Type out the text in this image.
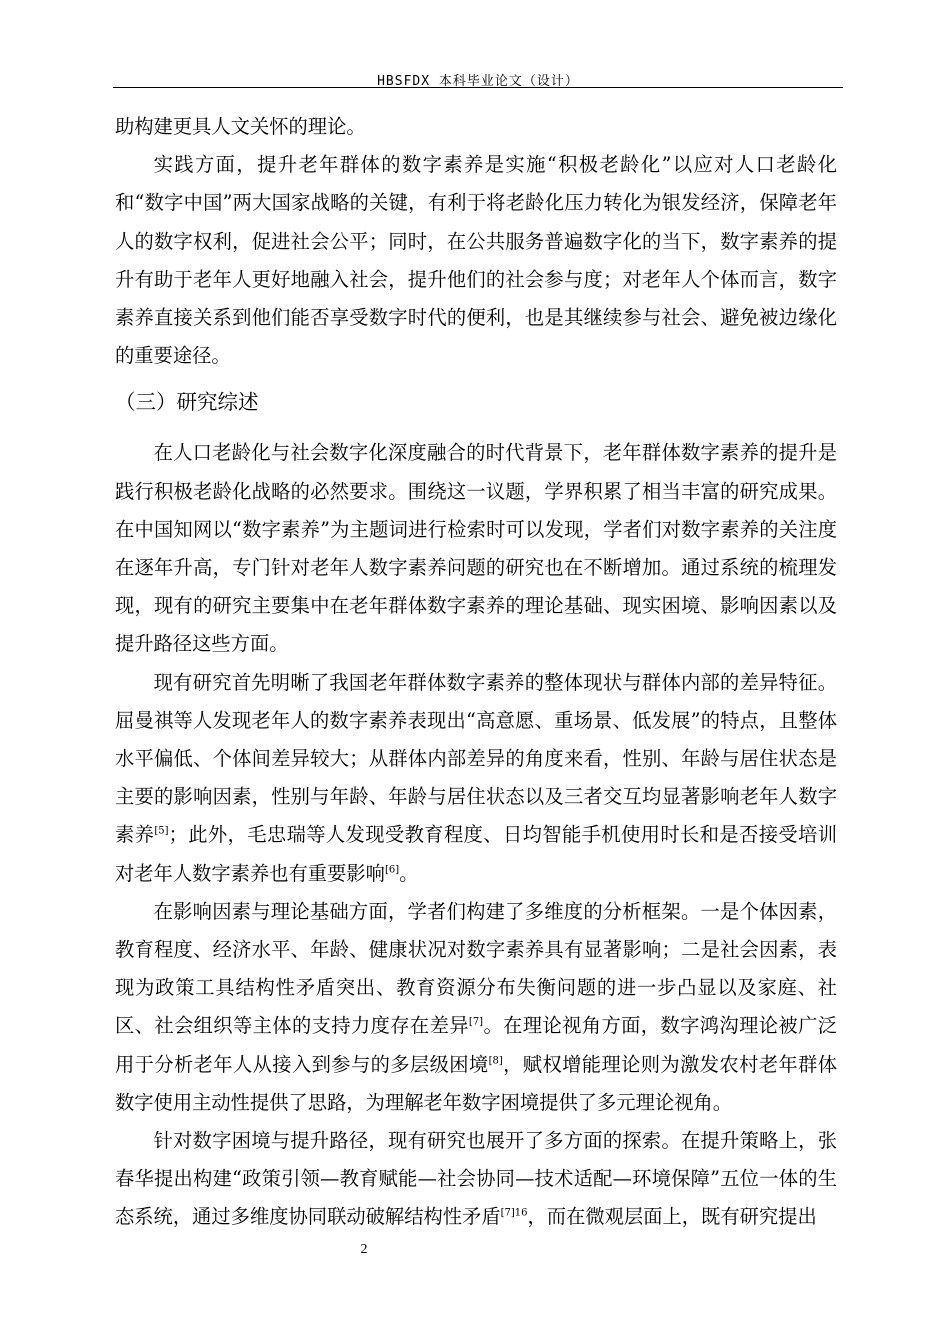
HBSFDX 本科毕业论文（设计）

助构建更具人文关怀的理论。

实践方面，提升老年群体的数字素养是实施“积极老龄化”以应对人口老龄化和“数字中国”两大国家战略的关键，有利于将老龄化压力转化为银发经济，保障老年人的数字权利，促进社会公平；同时，在公共服务普遍数字化的当下，数字素养的提升有助于老年人更好地融入社会，提升他们的社会参与度；对老年人个体而言，数字素养直接关系到他们能否享受数字时代的便利，也是其继续参与社会、避免被边缘化的重要途径。

（三）研究综述

在人口老龄化与社会数字化深度融合的时代背景下，老年群体数字素养的提升是践行积极老龄化战略的必然要求。围绕这一议题，学界积累了相当丰富的研究成果。在中国知网以“数字素养”为主题词进行检索时可以发现，学者们对数字素养的关注度在逐年升高，专门针对老年人数字素养问题的研究也在不断增加。通过系统的梳理发现，现有的研究主要集中在老年群体数字素养的理论基础、现实困境、影响因素以及提升路径这些方面。

现有研究首先明晰了我国老年群体数字素养的整体现状与群体内部的差异特征。屈曼祺等人发现老年人的数字素养表现出“高意愿、重场景、低发展”的特点，且整体水平偏低、个体间差异较大；从群体内部差异的角度来看，性别、年龄与居住状态是主要的影响因素，性别与年龄、年龄与居住状态以及三者交互均显著影响老年人数字素养[5]；此外，毛忠瑞等人发现受教育程度、日均智能手机使用时长和是否接受培训对老年人数字素养也有重要影响[6]。

在影响因素与理论基础方面，学者们构建了多维度的分析框架。一是个体因素，教育程度、经济水平、年龄、健康状况对数字素养具有显著影响；二是社会因素，表现为政策工具结构性矛盾突出、教育资源分布失衡问题的进一步凸显以及家庭、社区、社会组织等主体的支持力度存在差异[7]。在理论视角方面，数字鸿沟理论被广泛用于分析老年人从接入到参与的多层级困境[8]，赋权增能理论则为激发农村老年群体数字使用主动性提供了思路，为理解老年数字困境提供了多元理论视角。

针对数字困境与提升路径，现有研究也展开了多方面的探索。在提升策略上，张春华提出构建“政策引领—教育赋能—社会协同—技术适配—环境保障”五位一体的生态系统，通过多维度协同联动破解结构性矛盾$^{[7]16}$，而在微观层面上，既有研究提出

2
